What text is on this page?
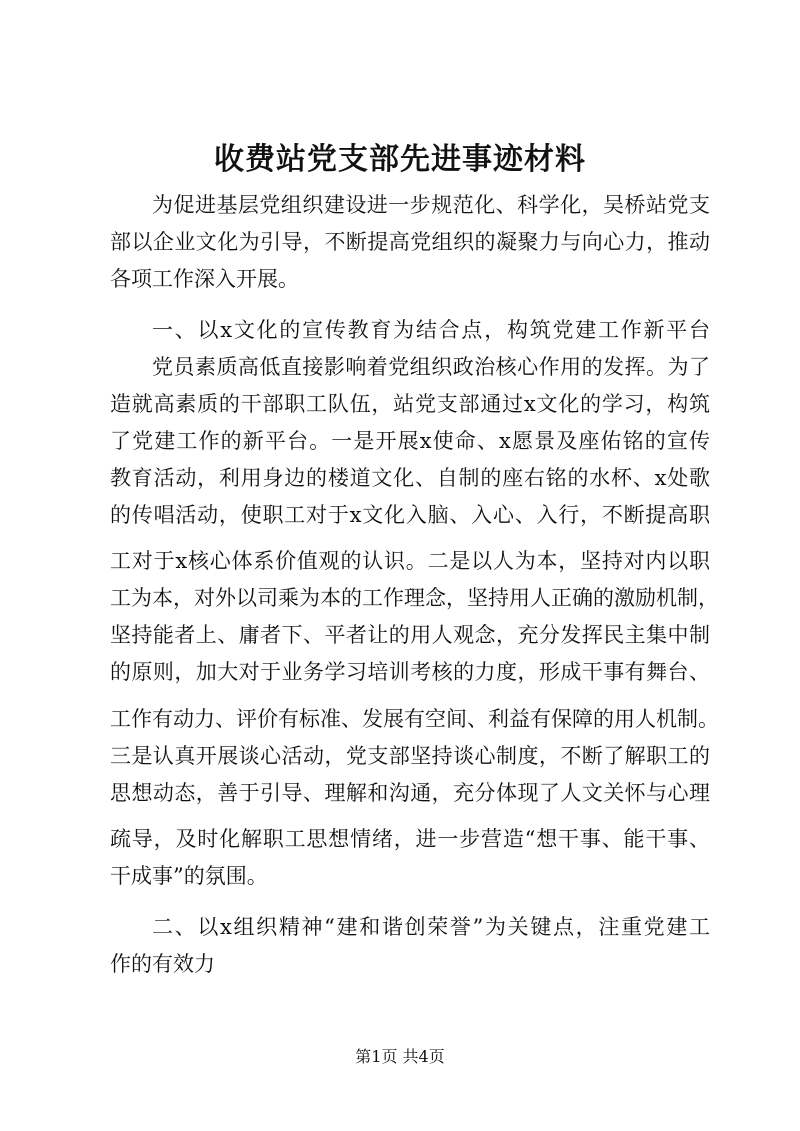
收费站党支部先进事迹材料
为促进基层党组织建设进一步规范化、科学化，吴桥站党支
部以企业文化为引导，不断提高党组织的凝聚力与向心力，推动
各项工作深入开展。
一、以x文化的宣传教育为结合点，构筑党建工作新平台
党员素质高低直接影响着党组织政治核心作用的发挥。为了
造就高素质的干部职工队伍，站党支部通过x文化的学习，构筑
了党建工作的新平台。一是开展x使命、x愿景及座佑铭的宣传
教育活动，利用身边的楼道文化、自制的座右铭的水杯、x处歌
的传唱活动，使职工对于x文化入脑、入心、入行，不断提高职
工对于x核心体系价值观的认识。二是以人为本，坚持对内以职
工为本，对外以司乘为本的工作理念，坚持用人正确的激励机制，
坚持能者上、庸者下、平者让的用人观念，充分发挥民主集中制
的原则，加大对于业务学习培训考核的力度，形成干事有舞台、
工作有动力、评价有标准、发展有空间、利益有保障的用人机制。
三是认真开展谈心活动，党支部坚持谈心制度，不断了解职工的
思想动态，善于引导、理解和沟通，充分体现了人文关怀与心理
疏导，及时化解职工思想情绪，进一步营造“想干事、能干事、
干成事”的氛围。
二、以x组织精神“建和谐创荣誉”为关键点，注重党建工
作的有效力
第1页 共4页
